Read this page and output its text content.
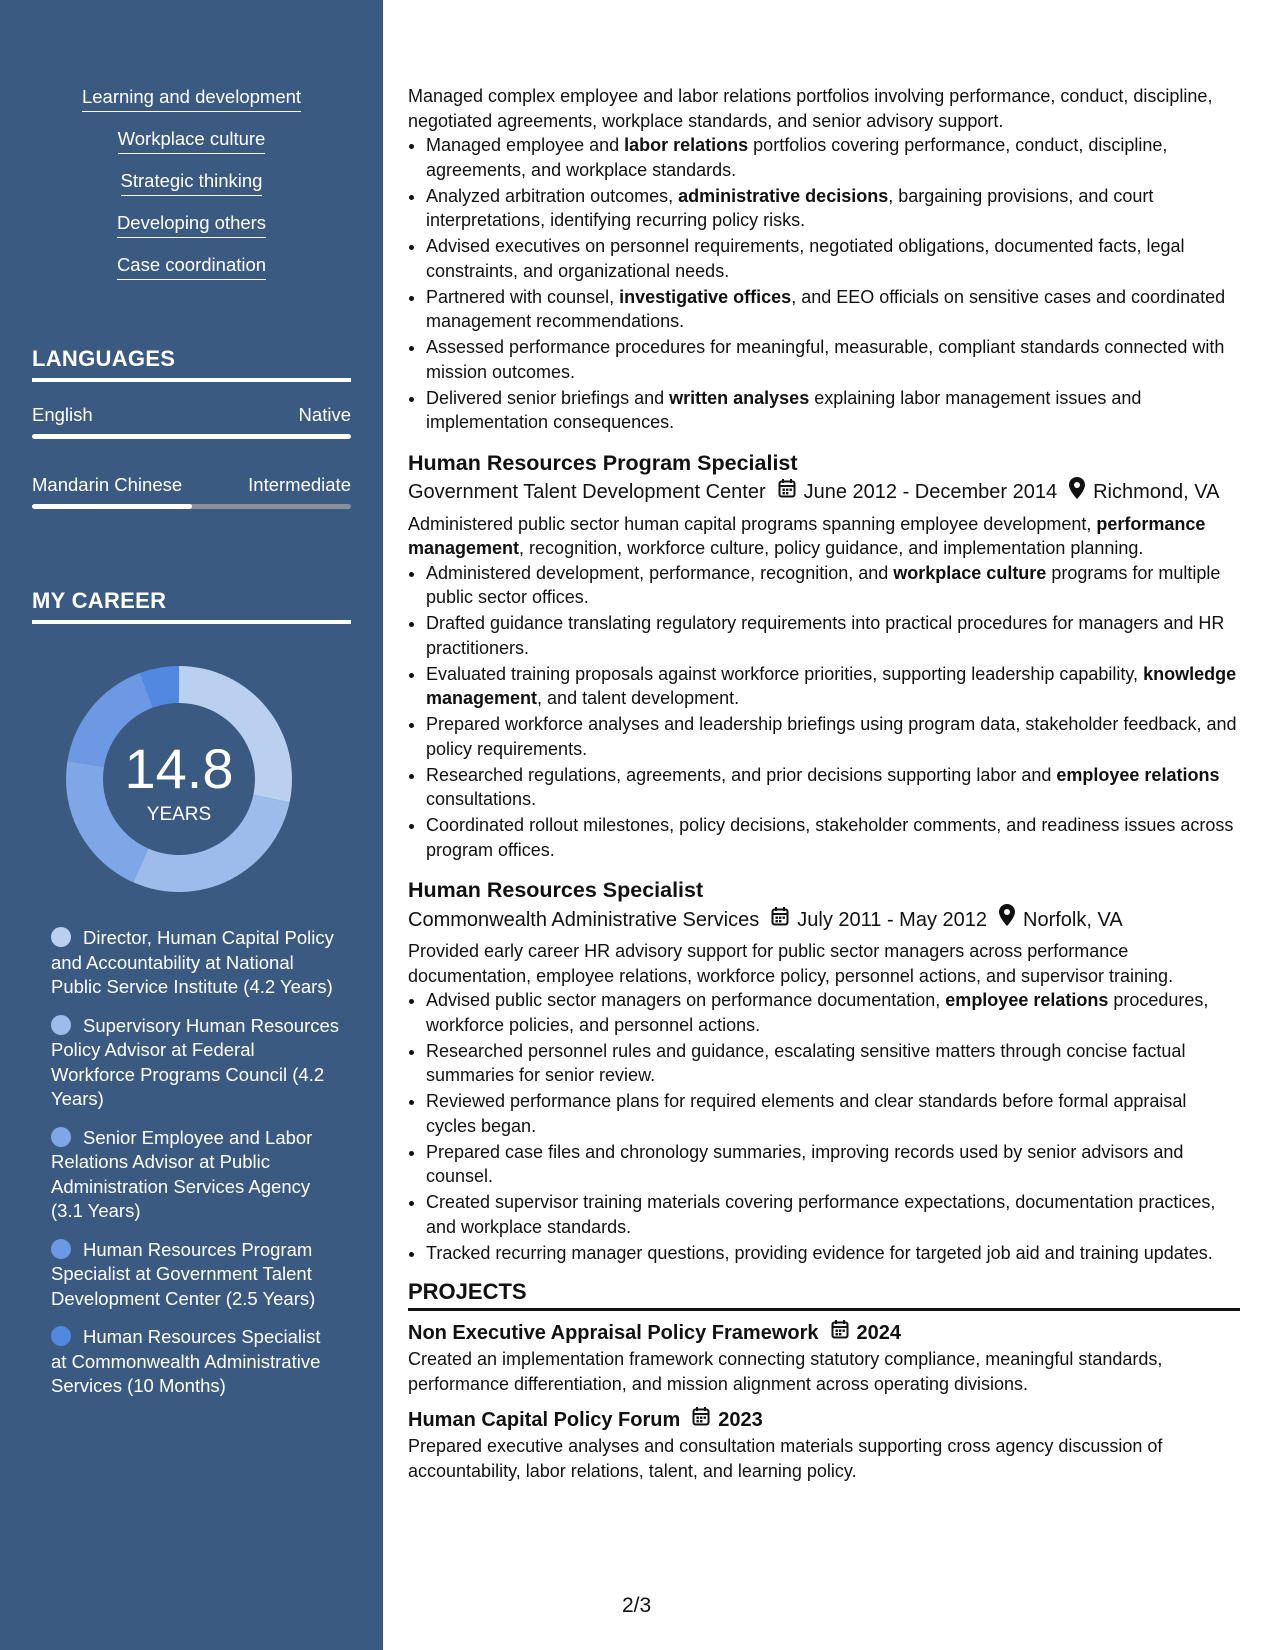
Learning and development
Workplace culture
Strategic thinking
Developing others
Case coordination
LANGUAGES
English	Native
Mandarin Chinese	Intermediate
MY CAREER
14.8
YEARS
Director, Human Capital Policy and Accountability at National Public Service Institute (4.2 Years)
Supervisory Human Resources Policy Advisor at Federal Workforce Programs Council (4.2 Years)
Senior Employee and Labor Relations Advisor at Public Administration Services Agency (3.1 Years)
Human Resources Program Specialist at Government Talent Development Center (2.5 Years)
Human Resources Specialist at Commonwealth Administrative Services (10 Months)

Managed complex employee and labor relations portfolios involving performance, conduct, discipline, negotiated agreements, workplace standards, and senior advisory support.

• Managed employee and labor relations portfolios covering performance, conduct, discipline, agreements, and workplace standards.
• Analyzed arbitration outcomes, administrative decisions, bargaining provisions, and court interpretations, identifying recurring policy risks.
• Advised executives on personnel requirements, negotiated obligations, documented facts, legal constraints, and organizational needs.
• Partnered with counsel, investigative offices, and EEO officials on sensitive cases and coordinated management recommendations.
• Assessed performance procedures for meaningful, measurable, compliant standards connected with mission outcomes.
• Delivered senior briefings and written analyses explaining labor management issues and implementation consequences.
Human Resources Program Specialist
Government Talent Development Center June 2012 - December 2014 Richmond, VA

Administered public sector human capital programs spanning employee development, performance management, recognition, workforce culture, policy guidance, and implementation planning.

• Administered development, performance, recognition, and workplace culture programs for multiple public sector offices.
• Drafted guidance translating regulatory requirements into practical procedures for managers and HR practitioners.
• Evaluated training proposals against workforce priorities, supporting leadership capability, knowledge management, and talent development.
• Prepared workforce analyses and leadership briefings using program data, stakeholder feedback, and policy requirements.
• Researched regulations, agreements, and prior decisions supporting labor and employee relations consultations.
• Coordinated rollout milestones, policy decisions, stakeholder comments, and readiness issues across program offices.
Human Resources Specialist
Commonwealth Administrative Services July 2011 - May 2012 Norfolk, VA

Provided early career HR advisory support for public sector managers across performance documentation, employee relations, workforce policy, personnel actions, and supervisor training.

• Advised public sector managers on performance documentation, employee relations procedures, workforce policies, and personnel actions.
• Researched personnel rules and guidance, escalating sensitive matters through concise factual summaries for senior review.
• Reviewed performance plans for required elements and clear standards before formal appraisal cycles began.
• Prepared case files and chronology summaries, improving records used by senior advisors and counsel.
• Created supervisor training materials covering performance expectations, documentation practices, and workplace standards.
• Tracked recurring manager questions, providing evidence for targeted job aid and training updates.
PROJECTS
Non Executive Appraisal Policy Framework 2024

Created an implementation framework connecting statutory compliance, meaningful standards, performance differentiation, and mission alignment across operating divisions.

Human Capital Policy Forum 2023

Prepared executive analyses and consultation materials supporting cross agency discussion of accountability, labor relations, talent, and learning policy.

2/3
